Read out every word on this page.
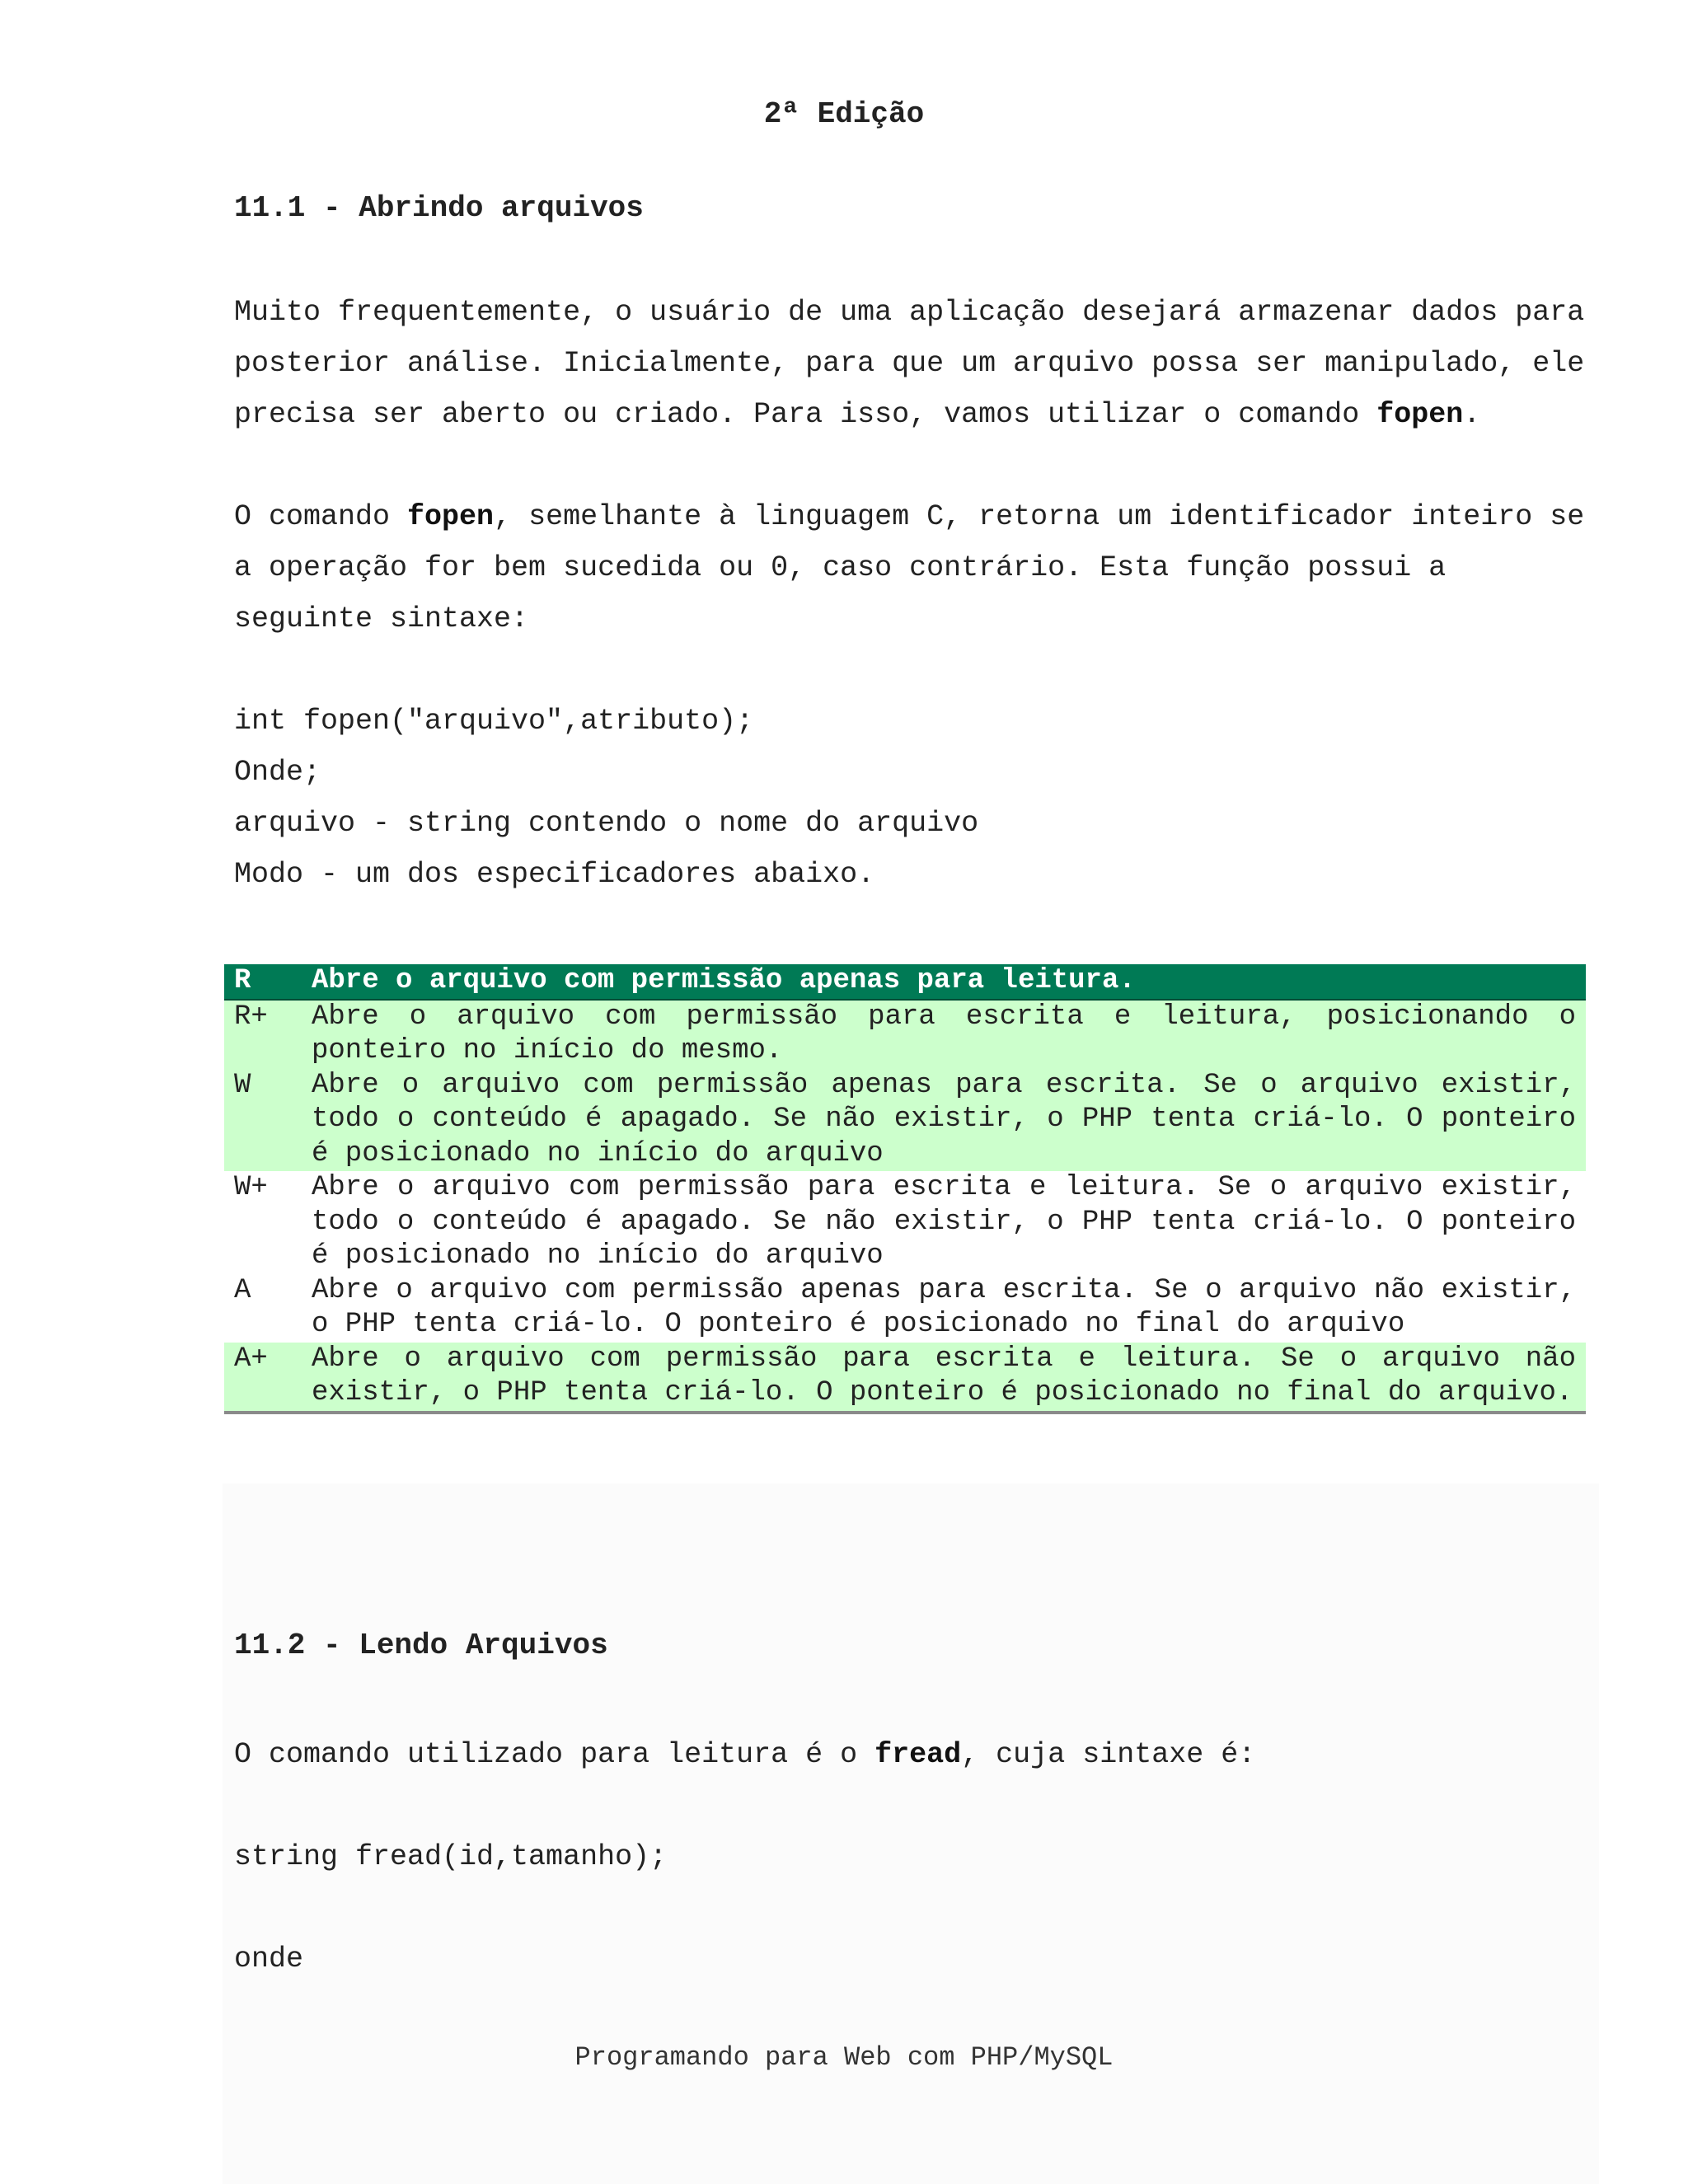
2ª Edição
11.1 - Abrindo arquivos

Muito frequentemente, o usuário de uma aplicação desejará armazenar dados para posterior análise. Inicialmente, para que um arquivo possa ser manipulado, ele precisa ser aberto ou criado. Para isso, vamos utilizar o comando fopen.

O comando fopen, semelhante à linguagem C, retorna um identificador inteiro se a operação for bem sucedida ou 0, caso contrário. Esta função possui a seguinte sintaxe:

int fopen("arquivo",atributo);

Onde;

arquivo - string contendo o nome do arquivo

Modo - um dos especificadores abaixo.

R	Abre o arquivo com permissão apenas para leitura.
R+	Abre o arquivo com permissão para escrita e leitura, posicionando o ponteiro no início do mesmo.
W	Abre o arquivo com permissão apenas para escrita. Se o arquivo existir, todo o conteúdo é apagado. Se não existir, o PHP tenta criá-lo. O ponteiro é posicionado no início do arquivo
W+	Abre o arquivo com permissão para escrita e leitura. Se o arquivo existir, todo o conteúdo é apagado. Se não existir, o PHP tenta criá-lo. O ponteiro é posicionado no início do arquivo
A	Abre o arquivo com permissão apenas para escrita. Se o arquivo não existir, o PHP tenta criá-lo. O ponteiro é posicionado no final do arquivo
A+	Abre o arquivo com permissão para escrita e leitura. Se o arquivo não existir, o PHP tenta criá-lo. O ponteiro é posicionado no final do arquivo.
11.2 - Lendo Arquivos

O comando utilizado para leitura é o fread, cuja sintaxe é:

string fread(id,tamanho);

onde

Programando para Web com PHP/MySQL
